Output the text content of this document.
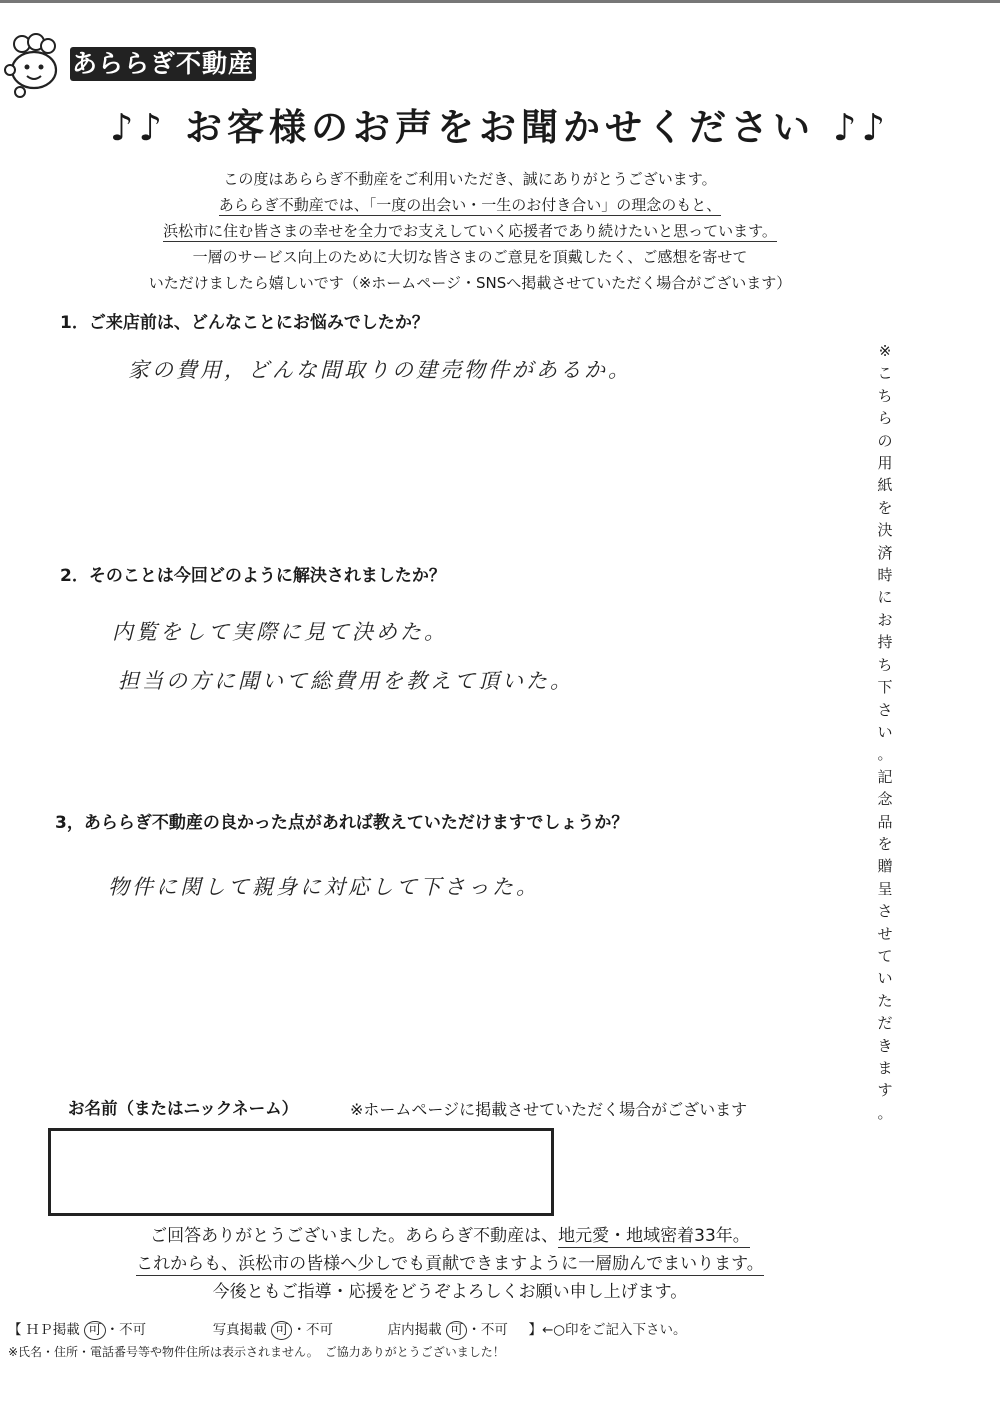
あららぎ不動産
♪♪ お客様のお声をお聞かせください ♪♪
この度はあららぎ不動産をご利用いただき、誠にありがとうございます。
あららぎ不動産では、「一度の出会い・一生のお付き合い」の理念のもと、
浜松市に住む皆さまの幸せを全力でお支えしていく応援者であり続けたいと思っています。
一層のサービス向上のために大切な皆さまのご意見を頂戴したく、ご感想を寄せて
いただけましたら嬉しいです（※ホームページ・SNSへ掲載させていただく場合がございます）
1．ご来店前は、どんなことにお悩みでしたか？
家の費用，どんな間取りの建売物件があるか。
2．そのことは今回どのように解決されましたか？
内覧をして実際に見て決めた。
担当の方に聞いて総費用を教えて頂いた。
3，あららぎ不動産の良かった点があれば教えていただけますでしょうか？
物件に関して親身に対応して下さった。
※
こ
ち
ら
の
用
紙
を
決
済
時
に
お
持
ち
下
さ
い
。
記
念
品
を
贈
呈
さ
せ
て
い
た
だ
き
ま
す
。
お名前（またはニックネーム）	※ホームページに掲載させていただく場合がございます
ご回答ありがとうございました。あららぎ不動産は、地元愛・地域密着33年。
これからも、浜松市の皆様へ少しでも貢献できますように一層励んでまいります。
今後ともご指導・応援をどうぞよろしくお願い申し上げます。
【 ＨＰ掲載 可 ・不可	写真掲載 可 ・不可	店内掲載 可 ・不可 】←○印をご記入下さい。
※氏名・住所・電話番号等や物件住所は表示されません。　ご協力ありがとうございました！
